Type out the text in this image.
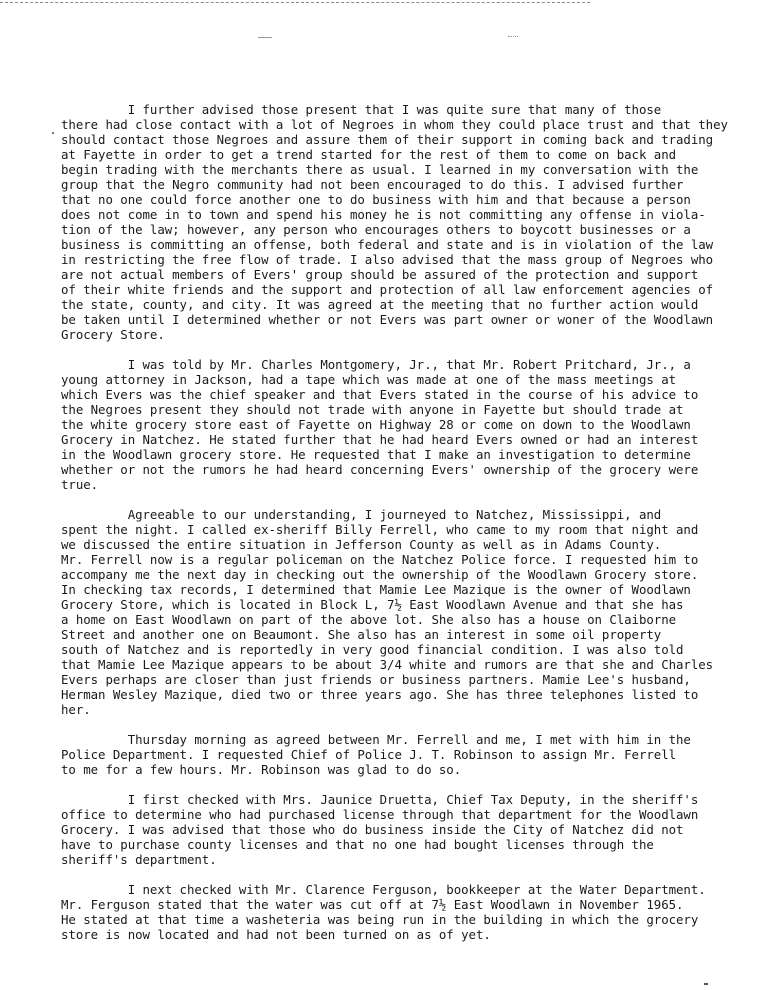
I further advised those present that I was quite sure that many of those
there had close contact with a lot of Negroes in whom they could place trust and that they
should contact those Negroes and assure them of their support in coming back and trading
at Fayette in order to get a trend started for the rest of them to come on back and
begin trading with the merchants there as usual. I learned in my conversation with the
group that the Negro community had not been encouraged to do this. I advised further
that no one could force another one to do business with him and that because a person
does not come in to town and spend his money he is not committing any offense in viola-
tion of the law; however, any person who encourages others to boycott businesses or a
business is committing an offense, both federal and state and is in violation of the law
in restricting the free flow of trade. I also advised that the mass group of Negroes who
are not actual members of Evers' group should be assured of the protection and support
of their white friends and the support and protection of all law enforcement agencies of
the state, county, and city. It was agreed at the meeting that no further action would
be taken until I determined whether or not Evers was part owner or woner of the Woodlawn
Grocery Store.

I was told by Mr. Charles Montgomery, Jr., that Mr. Robert Pritchard, Jr., a
young attorney in Jackson, had a tape which was made at one of the mass meetings at
which Evers was the chief speaker and that Evers stated in the course of his advice to
the Negroes present they should not trade with anyone in Fayette but should trade at
the white grocery store east of Fayette on Highway 28 or come on down to the Woodlawn
Grocery in Natchez. He stated further that he had heard Evers owned or had an interest
in the Woodlawn grocery store. He requested that I make an investigation to determine
whether or not the rumors he had heard concerning Evers' ownership of the grocery were
true.

Agreeable to our understanding, I journeyed to Natchez, Mississippi, and
spent the night. I called ex-sheriff Billy Ferrell, who came to my room that night and
we discussed the entire situation in Jefferson County as well as in Adams County.
Mr. Ferrell now is a regular policeman on the Natchez Police force. I requested him to
accompany me the next day in checking out the ownership of the Woodlawn Grocery store.
In checking tax records, I determined that Mamie Lee Mazique is the owner of Woodlawn
Grocery Store, which is located in Block L, 7½ East Woodlawn Avenue and that she has
a home on East Woodlawn on part of the above lot. She also has a house on Claiborne
Street and another one on Beaumont. She also has an interest in some oil property
south of Natchez and is reportedly in very good financial condition. I was also told
that Mamie Lee Mazique appears to be about 3/4 white and rumors are that she and Charles
Evers perhaps are closer than just friends or business partners. Mamie Lee's husband,
Herman Wesley Mazique, died two or three years ago. She has three telephones listed to
her.

Thursday morning as agreed between Mr. Ferrell and me, I met with him in the
Police Department. I requested Chief of Police J. T. Robinson to assign Mr. Ferrell
to me for a few hours. Mr. Robinson was glad to do so.

I first checked with Mrs. Jaunice Druetta, Chief Tax Deputy, in the sheriff's
office to determine who had purchased license through that department for the Woodlawn
Grocery. I was advised that those who do business inside the City of Natchez did not
have to purchase county licenses and that no one had bought licenses through the
sheriff's department.

I next checked with Mr. Clarence Ferguson, bookkeeper at the Water Department.
Mr. Ferguson stated that the water was cut off at 7½ East Woodlawn in November 1965.
He stated at that time a washeteria was being run in the building in which the grocery
store is now located and had not been turned on as of yet.
